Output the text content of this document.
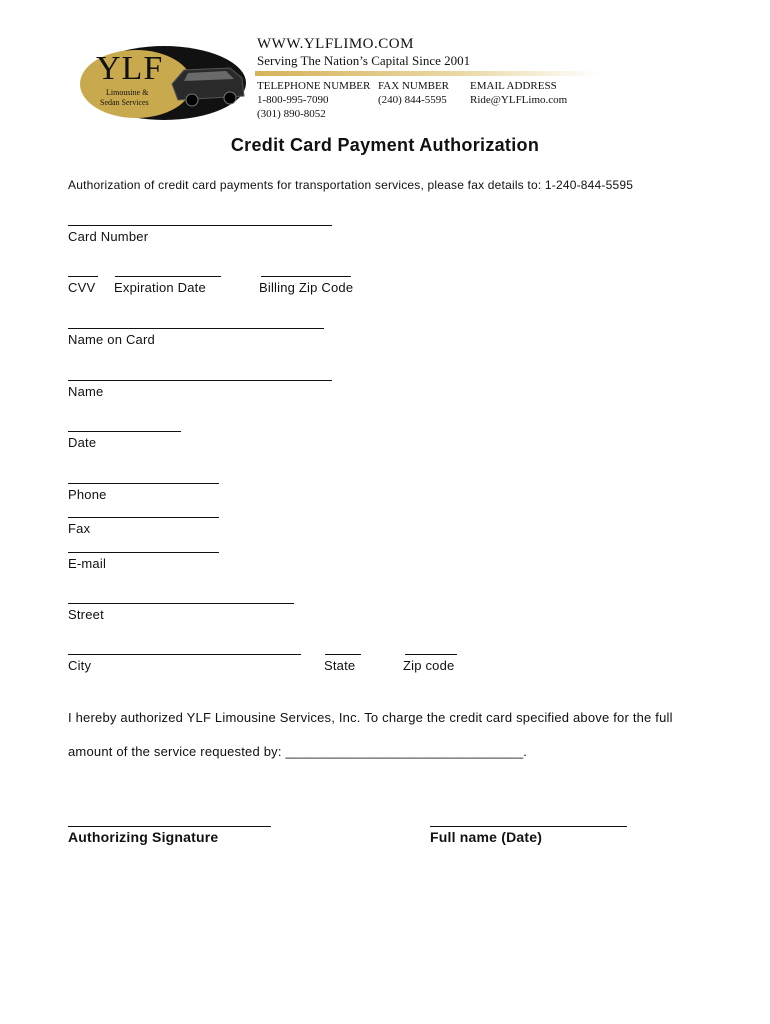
YLF
Limousine &
Sedan Services
WWW.YLFLIMO.COM
Serving The Nation’s Capital Since 2001
TELEPHONE NUMBER
1-800-995-7090
(301) 890-8052
FAX NUMBER
(240) 844-5595
EMAIL ADDRESS
Ride@YLFLimo.com
Credit Card Payment Authorization
Authorization of credit card payments for transportation services, please fax details to: 1-240-844-5595
Card Number
CVV Expiration Date	Billing Zip Code
Name on Card
Name
Date
Phone
Fax
E-mail
Street
City	State	Zip code
I hereby authorized YLF Limousine Services, Inc. To charge the credit card specified above for the full
amount of the service requested by: ________________________________.
Authorizing Signature	Full name (Date)
